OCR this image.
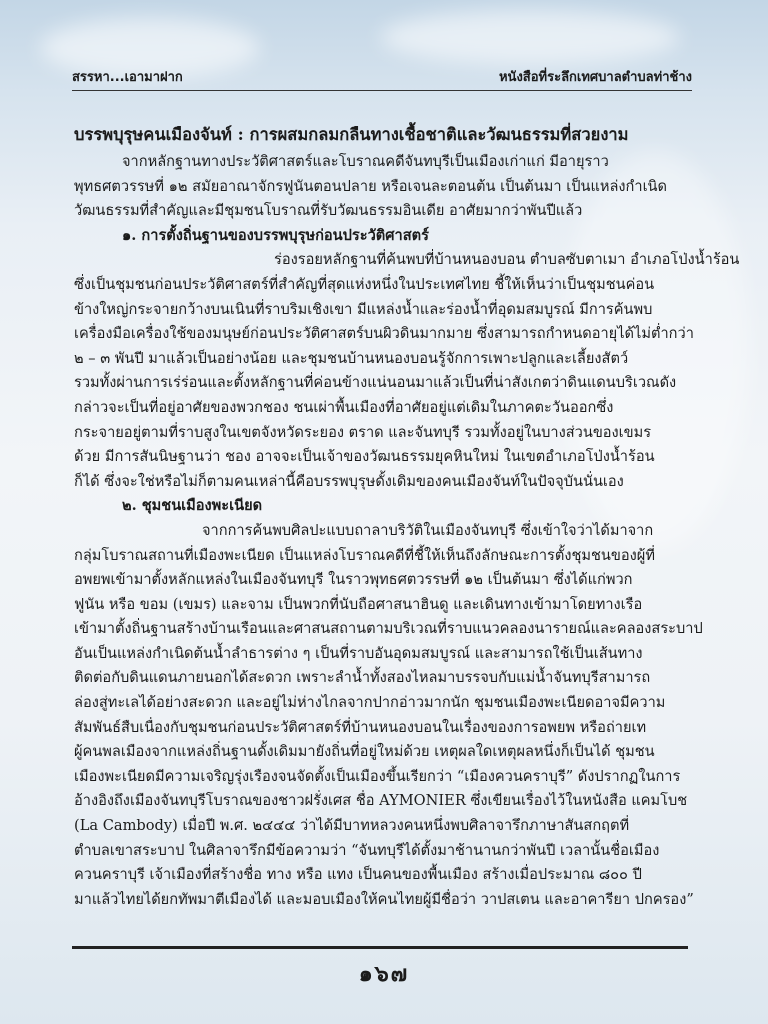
สรรหา...เอามาฝาก	หนังสือที่ระลึกเทศบาลตำบลท่าช้าง
บรรพบุรุษคนเมืองจันท์ : การผสมกลมกลืนทางเชื้อชาติและวัฒนธรรมที่สวยงาม
จากหลักฐานทางประวัติศาสตร์และโบราณคดีจันทบุรีเป็นเมืองเก่าแก่ มีอายุราว
พุทธศตวรรษที่ ๑๒ สมัยอาณาจักรฟูนันตอนปลาย หรือเจนละตอนต้น เป็นต้นมา เป็นแหล่งกำเนิด
วัฒนธรรมที่สำคัญและมีชุมชนโบราณที่รับวัฒนธรรมอินเดีย อาศัยมากว่าพันปีแล้ว
๑. การตั้งถิ่นฐานของบรรพบุรุษก่อนประวัติศาสตร์
ร่องรอยหลักฐานที่ค้นพบที่บ้านหนองบอน ตำบลซับตาเมา อำเภอโป่งน้ำร้อน
ซึ่งเป็นชุมชนก่อนประวัติศาสตร์ที่สำคัญที่สุดแห่งหนึ่งในประเทศไทย ชี้ให้เห็นว่าเป็นชุมชนค่อน
ข้างใหญ่กระจายกว้างบนเนินที่ราบริมเชิงเขา มีแหล่งน้ำและร่องน้ำที่อุดมสมบูรณ์ มีการค้นพบ
เครื่องมือเครื่องใช้ของมนุษย์ก่อนประวัติศาสตร์บนผิวดินมากมาย ซึ่งสามารถกำหนดอายุได้ไม่ต่ำกว่า
๒ – ๓ พันปี มาแล้วเป็นอย่างน้อย และชุมชนบ้านหนองบอนรู้จักการเพาะปลูกและเลี้ยงสัตว์
รวมทั้งผ่านการเร่ร่อนและตั้งหลักฐานที่ค่อนข้างแน่นอนมาแล้วเป็นที่น่าสังเกตว่าดินแดนบริเวณดัง
กล่าวจะเป็นที่อยู่อาศัยของพวกชอง ชนเผ่าพื้นเมืองที่อาศัยอยู่แต่เดิมในภาคตะวันออกซึ่ง
กระจายอยู่ตามที่ราบสูงในเขตจังหวัดระยอง ตราด และจันทบุรี รวมทั้งอยู่ในบางส่วนของเขมร
ด้วย มีการสันนิษฐานว่า ชอง อาจจะเป็นเจ้าของวัฒนธรรมยุคหินใหม่ ในเขตอำเภอโป่งน้ำร้อน
ก็ได้ ซึ่งจะใช่หรือไม่ก็ตามคนเหล่านี้คือบรรพบุรุษดั้งเดิมของคนเมืองจันท์ในปัจจุบันนั่นเอง
๒. ชุมชนเมืองพะเนียด
จากการค้นพบศิลปะแบบถาลาบริวัติในเมืองจันทบุรี ซึ่งเข้าใจว่าได้มาจาก
กลุ่มโบราณสถานที่เมืองพะเนียด เป็นแหล่งโบราณคดีที่ชี้ให้เห็นถึงลักษณะการตั้งชุมชนของผู้ที่
อพยพเข้ามาตั้งหลักแหล่งในเมืองจันทบุรี ในราวพุทธศตวรรษที่ ๑๒ เป็นต้นมา ซึ่งได้แก่พวก
ฟูนัน หรือ ขอม (เขมร) และจาม เป็นพวกที่นับถือศาสนาฮินดู และเดินทางเข้ามาโดยทางเรือ
เข้ามาตั้งถิ่นฐานสร้างบ้านเรือนและศาสนสถานตามบริเวณที่ราบแนวคลองนารายณ์และคลองสระบาป
อันเป็นแหล่งกำเนิดต้นน้ำลำธารต่าง ๆ เป็นที่ราบอันอุดมสมบูรณ์ และสามารถใช้เป็นเส้นทาง
ติดต่อกับดินแดนภายนอกได้สะดวก เพราะลำน้ำทั้งสองไหลมาบรรจบกับแม่น้ำจันทบุรีสามารถ
ล่องสู่ทะเลได้อย่างสะดวก และอยู่ไม่ห่างไกลจากปากอ่าวมากนัก ชุมชนเมืองพะเนียดอาจมีความ
สัมพันธ์สืบเนื่องกับชุมชนก่อนประวัติศาสตร์ที่บ้านหนองบอนในเรื่องของการอพยพ หรือถ่ายเท
ผู้คนพลเมืองจากแหล่งถิ่นฐานดั้งเดิมมายังถิ่นที่อยู่ใหม่ด้วย เหตุผลใดเหตุผลหนึ่งก็เป็นได้ ชุมชน
เมืองพะเนียดมีความเจริญรุ่งเรืองจนจัดตั้งเป็นเมืองขึ้นเรียกว่า “เมืองควนคราบุรี” ดังปรากฏในการ
อ้างอิงถึงเมืองจันทบุรีโบราณของชาวฝรั่งเศส ชื่อ AYMONIER ซึ่งเขียนเรื่องไว้ในหนังสือ แคมโบช
(La Cambody) เมื่อปี พ.ศ. ๒๔๔๔ ว่าได้มีบาทหลวงคนหนึ่งพบศิลาจารึกภาษาสันสกฤตที่
ตำบลเขาสระบาป ในศิลาจารึกมีข้อความว่า “จันทบุรีได้ตั้งมาช้านานกว่าพันปี เวลานั้นชื่อเมือง
ควนคราบุรี เจ้าเมืองที่สร้างชื่อ ทาง หรือ แทง เป็นคนของพื้นเมือง สร้างเมื่อประมาณ ๘๐๐ ปี
มาแล้วไทยได้ยกทัพมาตีเมืองได้ และมอบเมืองให้คนไทยผู้มีชื่อว่า วาปสเตน และอาคารียา ปกครอง”
๑๖๗
